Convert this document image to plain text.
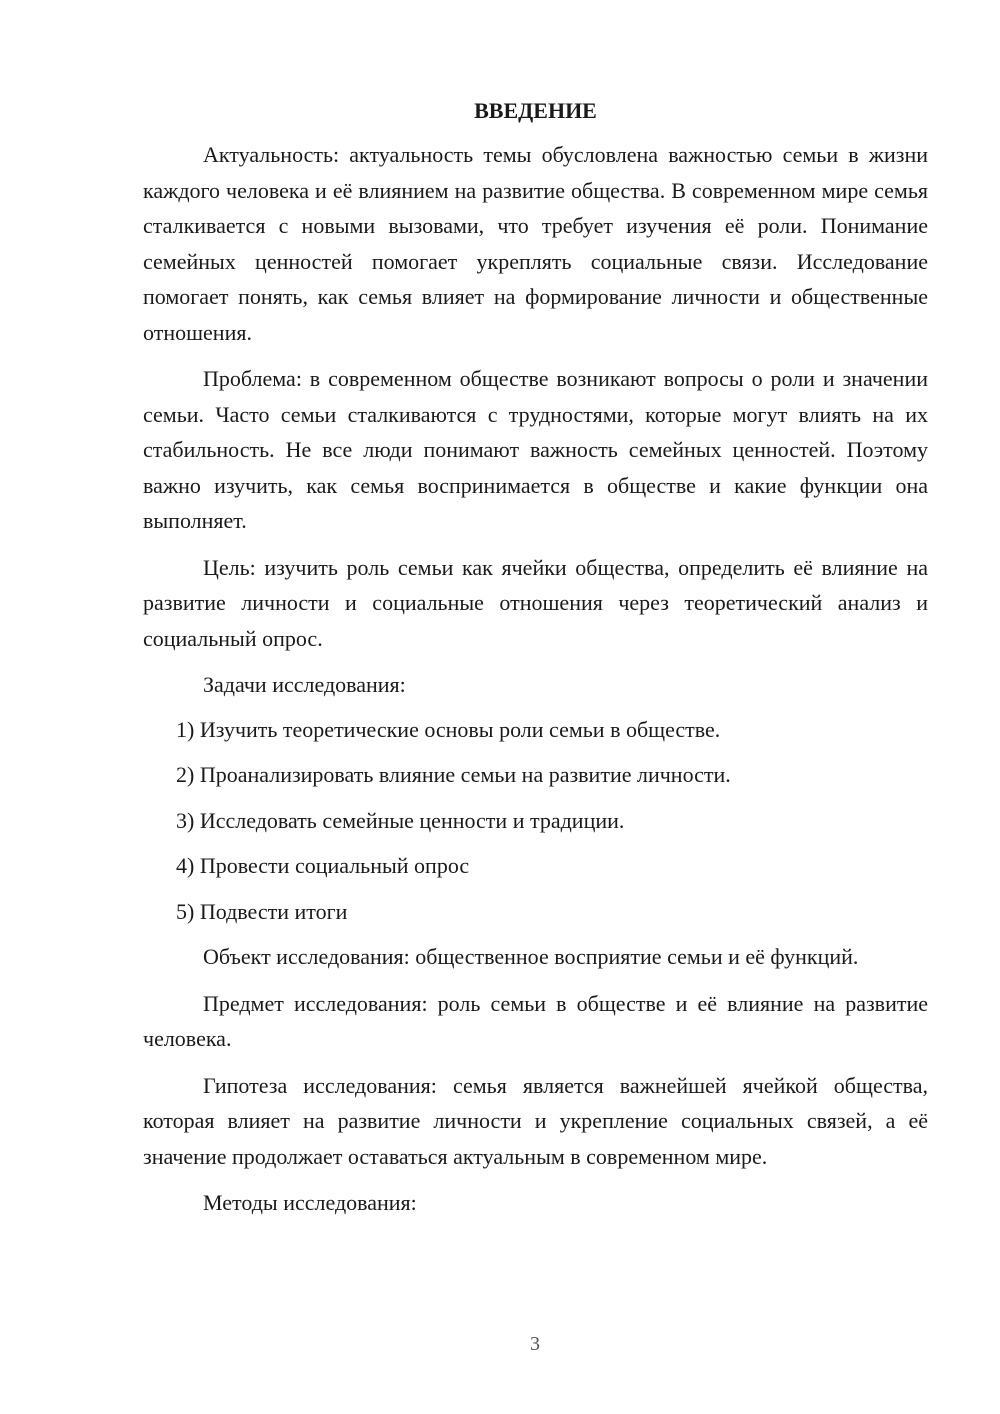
ВВЕДЕНИЕ

Актуальность: актуальность темы обусловлена важностью семьи в жизни каждого человека и её влиянием на развитие общества. В современном мире семья сталкивается с новыми вызовами, что требует изучения её роли. Понимание семейных ценностей помогает укреплять социальные связи. Исследование помогает понять, как семья влияет на формирование личности и общественные отношения.

Проблема: в современном обществе возникают вопросы о роли и значении семьи. Часто семьи сталкиваются с трудностями, которые могут влиять на их стабильность. Не все люди понимают важность семейных ценностей. Поэтому важно изучить, как семья воспринимается в обществе и какие функции она выполняет.

Цель: изучить роль семьи как ячейки общества, определить её влияние на развитие личности и социальные отношения через теоретический анализ и социальный опрос.

Задачи исследования:

1) Изучить теоретические основы роли семьи в обществе.
2) Проанализировать влияние семьи на развитие личности.
3) Исследовать семейные ценности и традиции.
4) Провести социальный опрос
5) Подвести итоги

Объект исследования: общественное восприятие семьи и её функций.

Предмет исследования: роль семьи в обществе и её влияние на развитие человека.

Гипотеза исследования: семья является важнейшей ячейкой общества, которая влияет на развитие личности и укрепление социальных связей, а её значение продолжает оставаться актуальным в современном мире.

Методы исследования:

3
